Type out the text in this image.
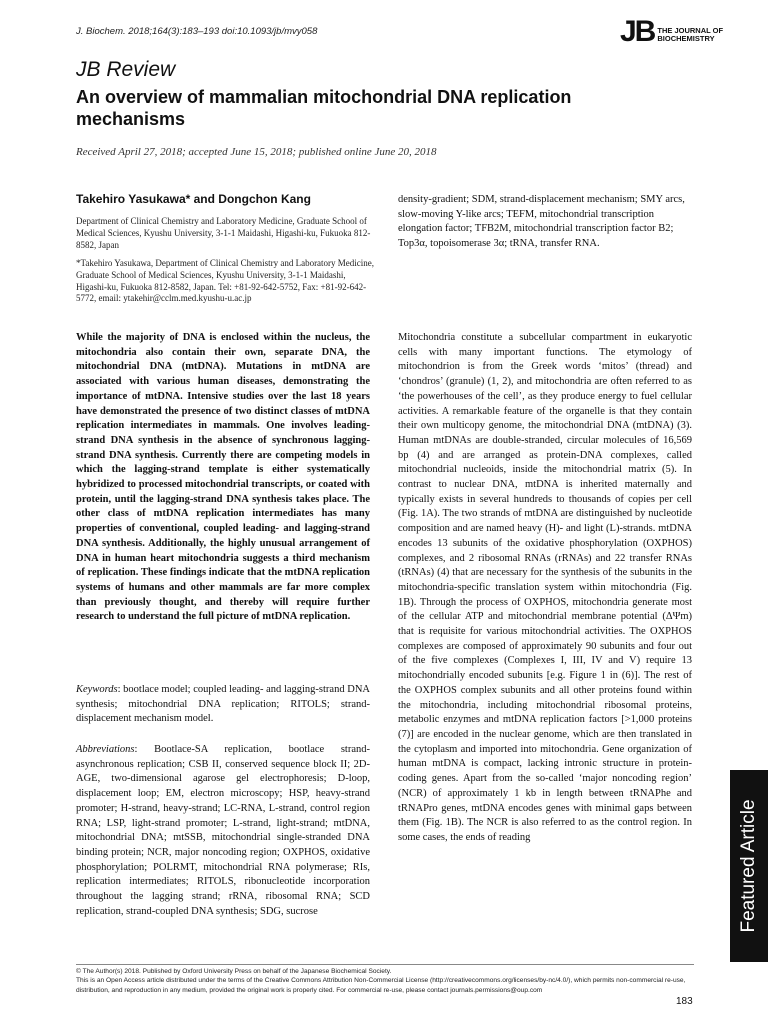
J. Biochem. 2018;164(3):183–193 doi:10.1093/jb/mvy058	JB THE JOURNAL OF
BIOCHEMISTRY
JB Review
An overview of mammalian mitochondrial DNA replication mechanisms
Received April 27, 2018; accepted June 15, 2018; published online June 20, 2018
Takehiro Yasukawa* and Dongchon Kang
Department of Clinical Chemistry and Laboratory Medicine, Graduate School of Medical Sciences, Kyushu University, 3-1-1 Maidashi, Higashi-ku, Fukuoka 812-8582, Japan
*Takehiro Yasukawa, Department of Clinical Chemistry and Laboratory Medicine, Graduate School of Medical Sciences, Kyushu University, 3-1-1 Maidashi, Higashi-ku, Fukuoka 812-8582, Japan. Tel: +81-92-642-5752, Fax: +81-92-642-5772, email: ytakehir@cclm.med.kyushu-u.ac.jp
density-gradient; SDM, strand-displacement mechanism; SMY arcs, slow-moving Y-like arcs; TEFM, mitochondrial transcription elongation factor; TFB2M, mitochondrial transcription factor B2; Top3α, topoisomerase 3α; tRNA, transfer RNA.
While the majority of DNA is enclosed within the nucleus, the mitochondria also contain their own, separate DNA, the mitochondrial DNA (mtDNA). Mutations in mtDNA are associated with various human diseases, demonstrating the importance of mtDNA. Intensive studies over the last 18 years have demonstrated the presence of two distinct classes of mtDNA replication intermediates in mammals. One involves leading-strand DNA synthesis in the absence of synchronous lagging-strand DNA synthesis. Currently there are competing models in which the lagging-strand template is either systematically hybridized to processed mitochondrial transcripts, or coated with protein, until the lagging-strand DNA synthesis takes place. The other class of mtDNA replication intermediates has many properties of conventional, coupled leading- and lagging-strand DNA synthesis. Additionally, the highly unusual arrangement of DNA in human heart mitochondria suggests a third mechanism of replication. These findings indicate that the mtDNA replication systems of humans and other mammals are far more complex than previously thought, and thereby will require further research to understand the full picture of mtDNA replication.
Keywords: bootlace model; coupled leading- and lagging-strand DNA synthesis; mitochondrial DNA replication; RITOLS; strand-displacement mechanism model.
Abbreviations: Bootlace-SA replication, bootlace strand-asynchronous replication; CSB II, conserved sequence block II; 2D-AGE, two-dimensional agarose gel electrophoresis; D-loop, displacement loop; EM, electron microscopy; HSP, heavy-strand promoter; H-strand, heavy-strand; LC-RNA, L-strand, control region RNA; LSP, light-strand promoter; L-strand, light-strand; mtDNA, mitochondrial DNA; mtSSB, mitochondrial single-stranded DNA binding protein; NCR, major noncoding region; OXPHOS, oxidative phosphorylation; POLRMT, mitochondrial RNA polymerase; RIs, replication intermediates; RITOLS, ribonucleotide incorporation throughout the lagging strand; rRNA, ribosomal RNA; SCD replication, strand-coupled DNA synthesis; SDG, sucrose
Mitochondria constitute a subcellular compartment in eukaryotic cells with many important functions. The etymology of mitochondrion is from the Greek words ‘mitos’ (thread) and ‘chondros’ (granule) (1, 2), and mitochondria are often referred to as ‘the powerhouses of the cell’, as they produce energy to fuel cellular activities. A remarkable feature of the organelle is that they contain their own multicopy genome, the mitochondrial DNA (mtDNA) (3). Human mtDNAs are double-stranded, circular molecules of 16,569 bp (4) and are arranged as protein-DNA complexes, called mitochondrial nucleoids, inside the mitochondrial matrix (5). In contrast to nuclear DNA, mtDNA is inherited maternally and typically exists in several hundreds to thousands of copies per cell (Fig. 1A). The two strands of mtDNA are distinguished by nucleotide composition and are named heavy (H)- and light (L)-strands. mtDNA encodes 13 subunits of the oxidative phosphorylation (OXPHOS) complexes, and 2 ribosomal RNAs (rRNAs) and 22 transfer RNAs (tRNAs) (4) that are necessary for the synthesis of the subunits in the mitochondria-specific translation system within mitochondria (Fig. 1B). Through the process of OXPHOS, mitochondria generate most of the cellular ATP and mitochondrial membrane potential (ΔΨm) that is requisite for various mitochondrial activities. The OXPHOS complexes are composed of approximately 90 subunits and four out of the five complexes (Complexes I, III, IV and V) require 13 mitochondrially encoded subunits [e.g. Figure 1 in (6)]. The rest of the OXPHOS complex subunits and all other proteins found within the mitochondria, including mitochondrial ribosomal proteins, metabolic enzymes and mtDNA replication factors [>1,000 proteins (7)] are encoded in the nuclear genome, which are then translated in the cytoplasm and imported into mitochondria. Gene organization of human mtDNA is compact, lacking intronic structure in protein-coding genes. Apart from the so-called ‘major noncoding region’ (NCR) of approximately 1 kb in length between tRNAPhe and tRNAPro genes, mtDNA encodes genes with minimal gaps between them (Fig. 1B). The NCR is also referred to as the control region. In some cases, the ends of reading	Featured Article
© The Author(s) 2018. Published by Oxford University Press on behalf of the Japanese Biochemical Society.
This is an Open Access article distributed under the terms of the Creative Commons Attribution Non-Commercial License (http://creativecommons.org/licenses/by-nc/4.0/), which permits non-commercial re-use, distribution, and reproduction in any medium, provided the original work is properly cited. For commercial re-use, please contact journals.permissions@oup.com
183
